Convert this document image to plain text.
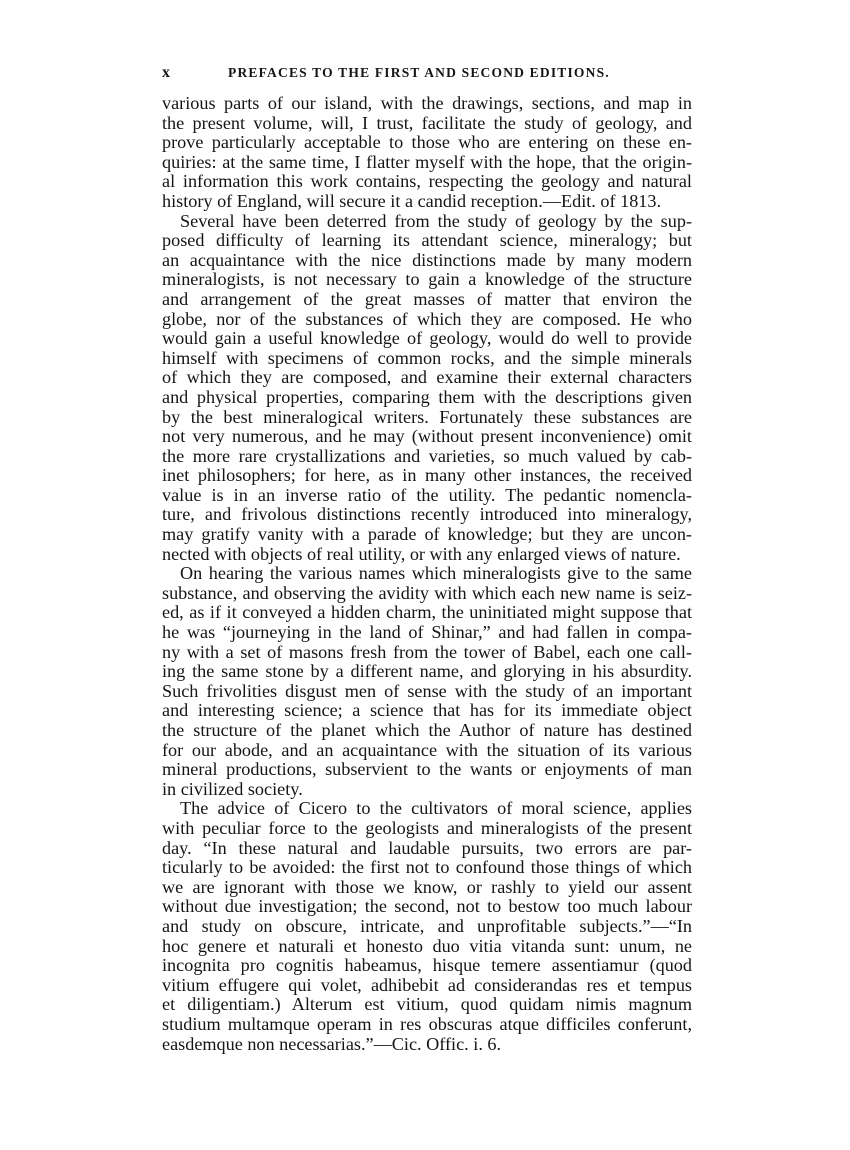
x	PREFACES TO THE FIRST AND SECOND EDITIONS.
various parts of our island, with the drawings, sections, and map in
the present volume, will, I trust, facilitate the study of geology, and
prove particularly acceptable to those who are entering on these en-
quiries: at the same time, I flatter myself with the hope, that the origin-
al information this work contains, respecting the geology and natural
history of England, will secure it a candid reception.—Edit. of 1813.
Several have been deterred from the study of geology by the sup-
posed difficulty of learning its attendant science, mineralogy; but
an acquaintance with the nice distinctions made by many modern
mineralogists, is not necessary to gain a knowledge of the structure
and arrangement of the great masses of matter that environ the
globe, nor of the substances of which they are composed. He who
would gain a useful knowledge of geology, would do well to provide
himself with specimens of common rocks, and the simple minerals
of which they are composed, and examine their external characters
and physical properties, comparing them with the descriptions given
by the best mineralogical writers. Fortunately these substances are
not very numerous, and he may (without present inconvenience) omit
the more rare crystallizations and varieties, so much valued by cab-
inet philosophers; for here, as in many other instances, the received
value is in an inverse ratio of the utility. The pedantic nomencla-
ture, and frivolous distinctions recently introduced into mineralogy,
may gratify vanity with a parade of knowledge; but they are uncon-
nected with objects of real utility, or with any enlarged views of nature.
On hearing the various names which mineralogists give to the same
substance, and observing the avidity with which each new name is seiz-
ed, as if it conveyed a hidden charm, the uninitiated might suppose that
he was “journeying in the land of Shinar,” and had fallen in compa-
ny with a set of masons fresh from the tower of Babel, each one call-
ing the same stone by a different name, and glorying in his absurdity.
Such frivolities disgust men of sense with the study of an important
and interesting science; a science that has for its immediate object
the structure of the planet which the Author of nature has destined
for our abode, and an acquaintance with the situation of its various
mineral productions, subservient to the wants or enjoyments of man
in civilized society.
The advice of Cicero to the cultivators of moral science, applies
with peculiar force to the geologists and mineralogists of the present
day. “In these natural and laudable pursuits, two errors are par-
ticularly to be avoided: the first not to confound those things of which
we are ignorant with those we know, or rashly to yield our assent
without due investigation; the second, not to bestow too much labour
and study on obscure, intricate, and unprofitable subjects.”—“In
hoc genere et naturali et honesto duo vitia vitanda sunt: unum, ne
incognita pro cognitis habeamus, hisque temere assentiamur (quod
vitium effugere qui volet, adhibebit ad considerandas res et tempus
et diligentiam.) Alterum est vitium, quod quidam nimis magnum
studium multamque operam in res obscuras atque difficiles conferunt,
easdemque non necessarias.”—Cic. Offic. i. 6.
